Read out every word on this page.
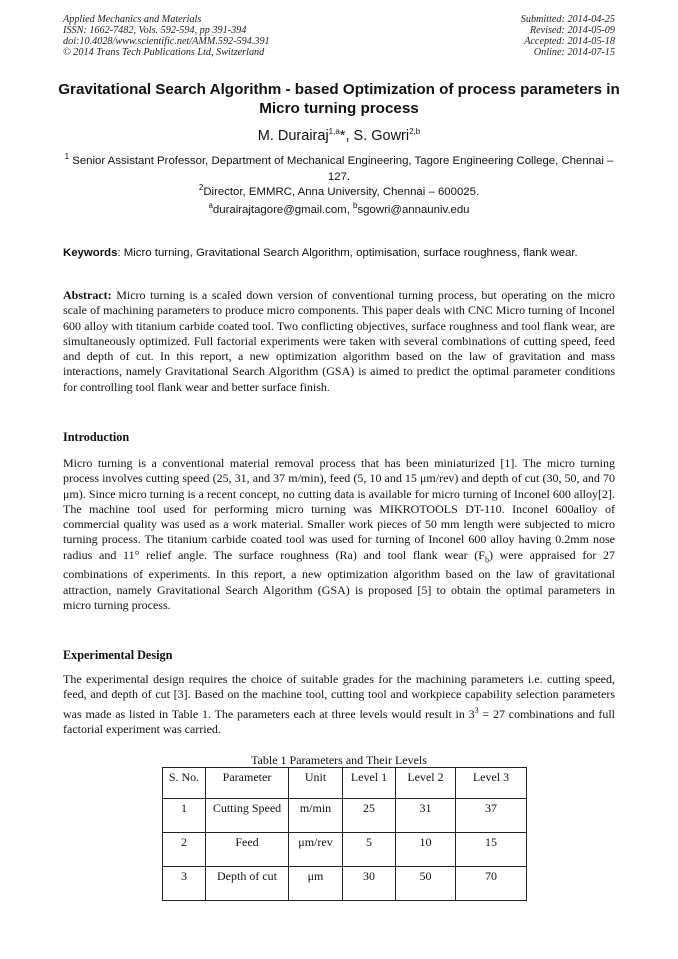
Applied Mechanics and Materials
ISSN: 1662-7482, Vols. 592-594, pp 391-394
doi:10.4028/www.scientific.net/AMM.592-594.391
© 2014 Trans Tech Publications Ltd, Switzerland
Submitted: 2014-04-25
Revised: 2014-05-09
Accepted: 2014-05-18
Online: 2014-07-15
Gravitational Search Algorithm - based Optimization of process parameters in Micro turning process
M. Durairaj$^{1,a}$*, S. Gowri$^{2,b}$
$^1$ Senior Assistant Professor, Department of Mechanical Engineering, Tagore Engineering College, Chennai – 127.
$^2$Director, EMMRC, Anna University, Chennai – 600025.
$^a$durairajtagore@gmail.com, $^b$sgowri@annauniv.edu
Keywords: Micro turning, Gravitational Search Algorithm, optimisation, surface roughness, flank wear.
Abstract: Micro turning is a scaled down version of conventional turning process, but operating on the micro scale of machining parameters to produce micro components. This paper deals with CNC Micro turning of Inconel 600 alloy with titanium carbide coated tool. Two conflicting objectives, surface roughness and tool flank wear, are simultaneously optimized. Full factorial experiments were taken with several combinations of cutting speed, feed and depth of cut. In this report, a new optimization algorithm based on the law of gravitation and mass interactions, namely Gravitational Search Algorithm (GSA) is aimed to predict the optimal parameter conditions for controlling tool flank wear and better surface finish.
Introduction
Micro turning is a conventional material removal process that has been miniaturized [1]. The micro turning process involves cutting speed (25, 31, and 37 m/min), feed (5, 10 and 15 μm/rev) and depth of cut (30, 50, and 70 μm). Since micro turning is a recent concept, no cutting data is available for micro turning of Inconel 600 alloy[2]. The machine tool used for performing micro turning was MIKROTOOLS DT-110. Inconel 600alloy of commercial quality was used as a work material. Smaller work pieces of 50 mm length were subjected to micro turning process. The titanium carbide coated tool was used for turning of Inconel 600 alloy having 0.2mm nose radius and 11° relief angle. The surface roughness (Ra) and tool flank wear $(F_b)$ were appraised for 27 combinations of experiments. In this report, a new optimization algorithm based on the law of gravitational attraction, namely Gravitational Search Algorithm (GSA) is proposed [5] to obtain the optimal parameters in micro turning process.
Experimental Design
The experimental design requires the choice of suitable grades for the machining parameters i.e. cutting speed, feed, and depth of cut [3]. Based on the machine tool, cutting tool and workpiece capability selection parameters was made as listed in Table 1. The parameters each at three levels would result in $3^3 = 27$ combinations and full factorial experiment was carried.
Table 1 Parameters and Their Levels
S. No.	Parameter	Unit	Level 1	Level 2	Level 3
1	Cutting Speed	m/min	25	31	37
2	Feed	μm/rev	5	10	15
3	Depth of cut	μm	30	50	70
